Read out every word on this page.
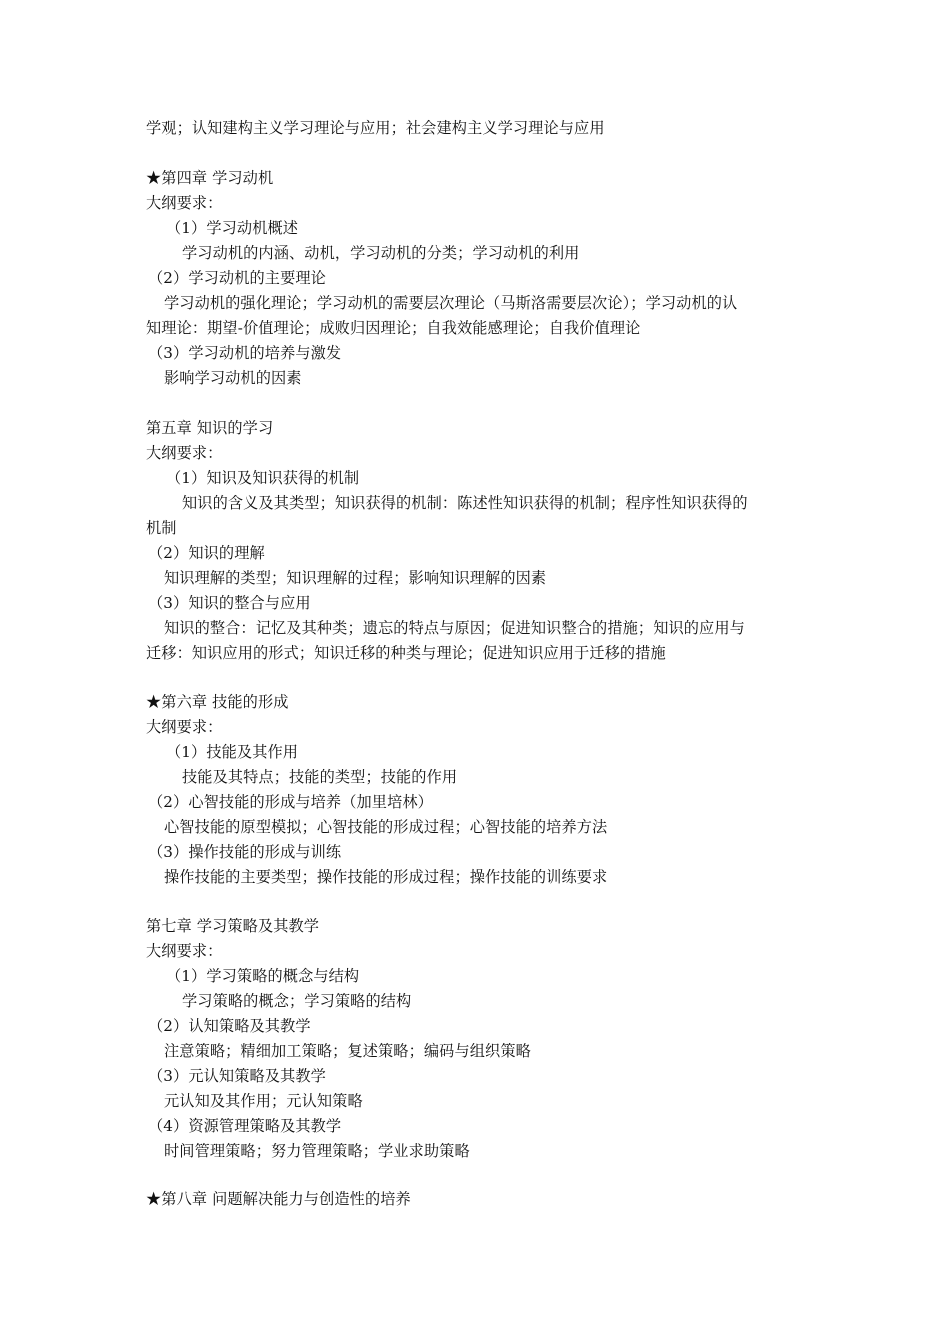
学观；认知建构主义学习理论与应用；社会建构主义学习理论与应用
★第四章 学习动机
大纲要求：
（1）学习动机概述
学习动机的内涵、动机，学习动机的分类；学习动机的利用
（2）学习动机的主要理论
学习动机的强化理论；学习动机的需要层次理论（马斯洛需要层次论）；学习动机的认
知理论：期望-价值理论；成败归因理论；自我效能感理论；自我价值理论
（3）学习动机的培养与激发
影响学习动机的因素
第五章 知识的学习
大纲要求：
（1）知识及知识获得的机制
知识的含义及其类型；知识获得的机制：陈述性知识获得的机制；程序性知识获得的
机制
（2）知识的理解
知识理解的类型；知识理解的过程；影响知识理解的因素
（3）知识的整合与应用
知识的整合：记忆及其种类；遗忘的特点与原因；促进知识整合的措施；知识的应用与
迁移：知识应用的形式；知识迁移的种类与理论；促进知识应用于迁移的措施
★第六章 技能的形成
大纲要求：
（1）技能及其作用
技能及其特点；技能的类型；技能的作用
（2）心智技能的形成与培养（加里培林）
心智技能的原型模拟；心智技能的形成过程；心智技能的培养方法
（3）操作技能的形成与训练
操作技能的主要类型；操作技能的形成过程；操作技能的训练要求
第七章 学习策略及其教学
大纲要求：
（1）学习策略的概念与结构
学习策略的概念；学习策略的结构
（2）认知策略及其教学
注意策略；精细加工策略；复述策略；编码与组织策略
（3）元认知策略及其教学
元认知及其作用；元认知策略
（4）资源管理策略及其教学
时间管理策略；努力管理策略；学业求助策略
★第八章 问题解决能力与创造性的培养
